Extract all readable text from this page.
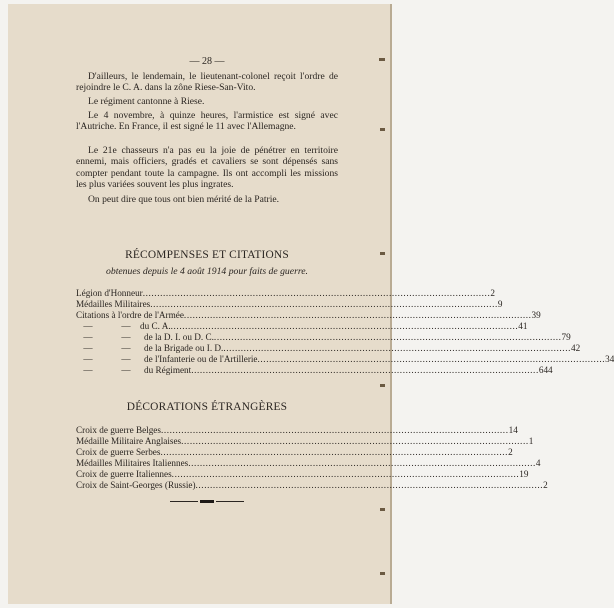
— 28 —

D'ailleurs, le lendemain, le lieutenant-colonel reçoit l'ordre de rejoindre le C. A. dans la zône Riese-San-Vito.

Le régiment cantonne à Riese.

Le 4 novembre, à quinze heures, l'armistice est signé avec l'Autriche. En France, il est signé le 11 avec l'Allemagne.

Le 21e chasseurs n'a pas eu la joie de pénétrer en territoire ennemi, mais officiers, gradés et cavaliers se sont dépensés sans compter pendant toute la campagne. Ils ont accompli les missions les plus variées souvent les plus ingrates.

On peut dire que tous ont bien mérité de la Patrie.

RÉCOMPENSES ET CITATIONS
obtenues depuis le 4 août 1914 pour faits de guerre.
Légion d'Honneur ........................................................................................................................ 2
Médailles Militaires ........................................................................................................................ 9
Citations à l'ordre de l'Armée ........................................................................................................................ 39
—	— du C. A. ........................................................................................................................ 41
—	— de la D. I. ou D. C. ........................................................................................................................ 79
—	— de la Brigade ou I. D. ........................................................................................................................ 42
—	— de l'Infanterie ou de l'Artillerie ........................................................................................................................ 34
—	— du Régiment ........................................................................................................................ 644
DÉCORATIONS ÉTRANGÈRES
Croix de guerre Belges ........................................................................................................................ 14
Médaille Militaire Anglaises ........................................................................................................................ 1
Croix de guerre Serbes ........................................................................................................................ 2
Médailles Militaires Italiennes ........................................................................................................................ 4
Croix de guerre Italiennes ........................................................................................................................ 19
Croix de Saint-Georges (Russie) ........................................................................................................................ 2
